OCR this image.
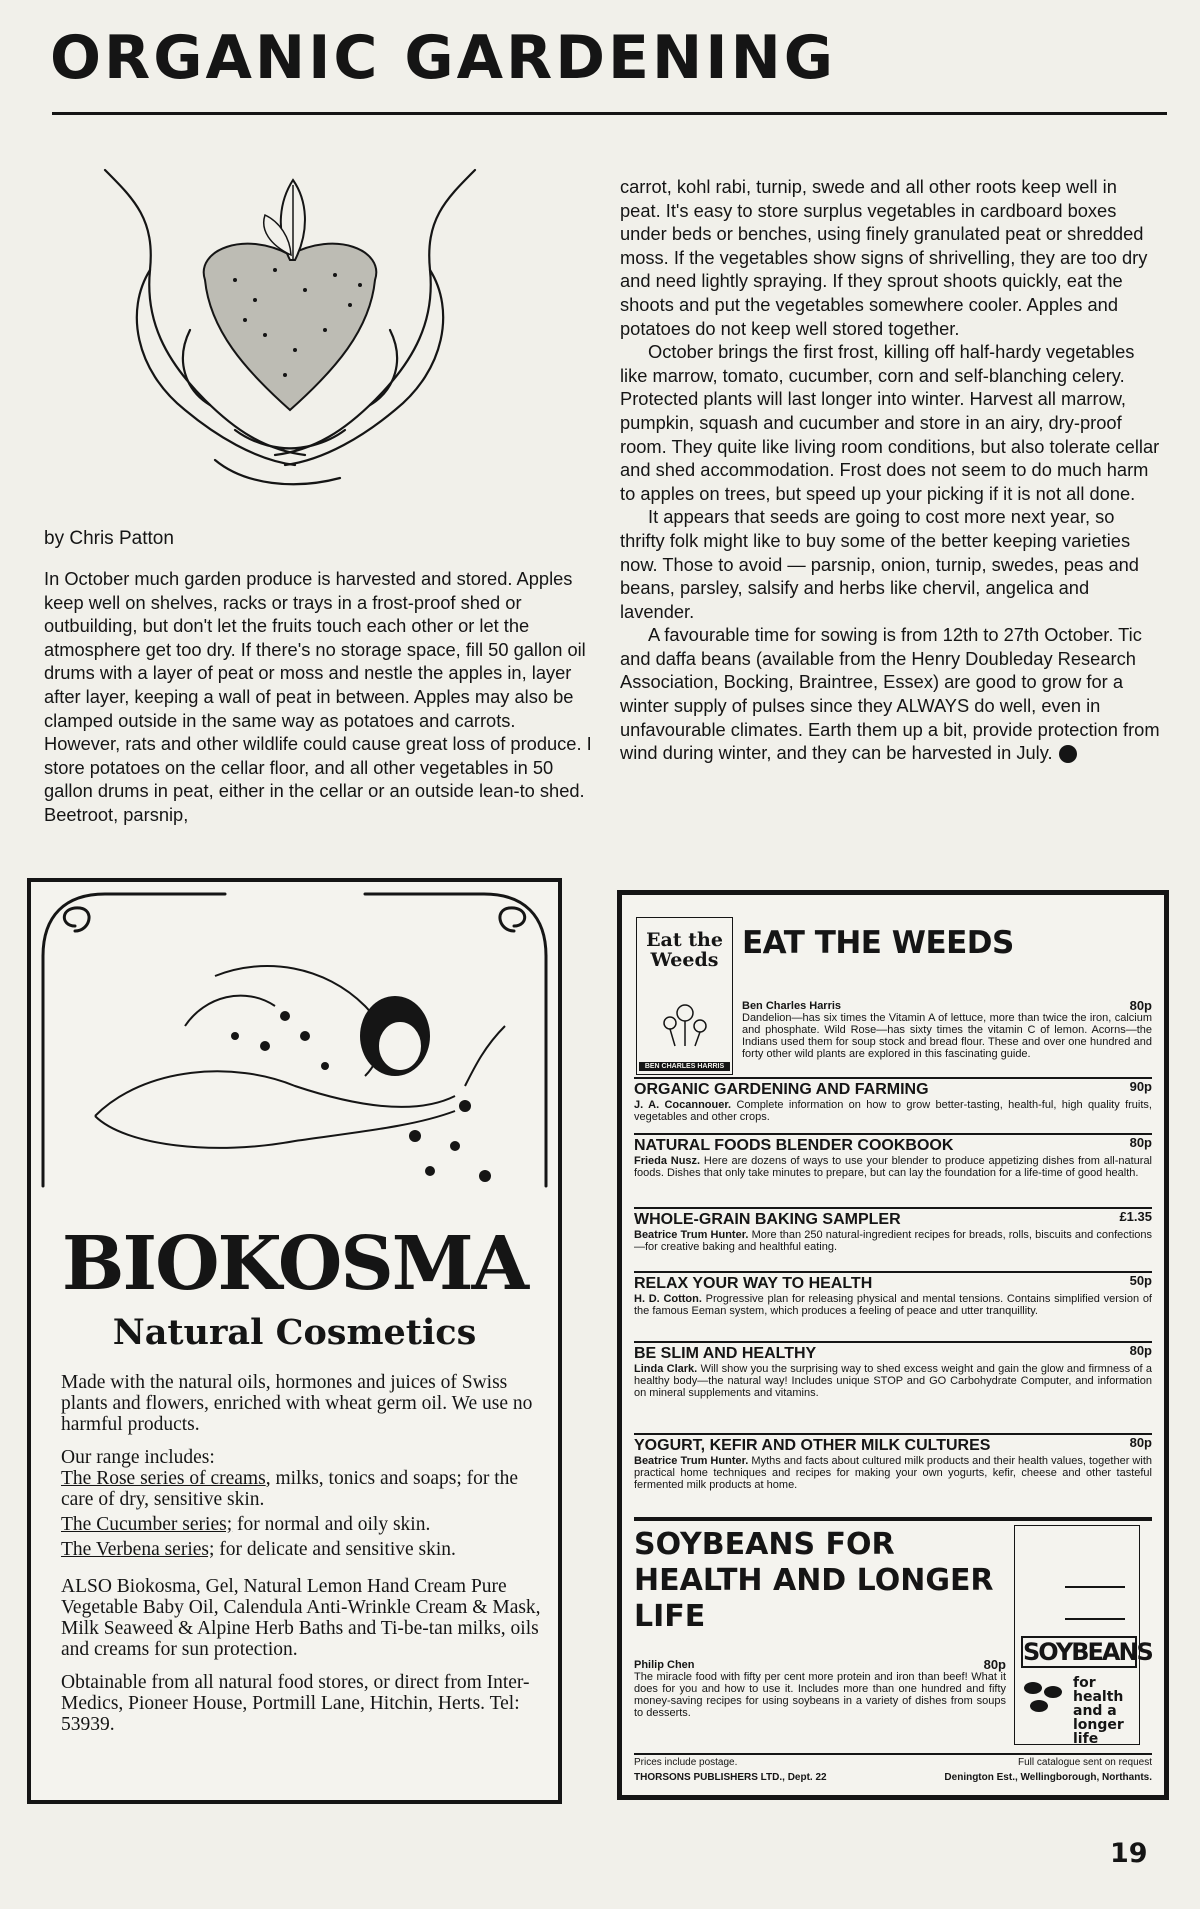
ORGANIC GARDENING
by Chris Patton

In October much garden produce is harvested and stored. Apples keep well on shelves, racks or trays in a frost-proof shed or outbuilding, but don't let the fruits touch each other or let the atmosphere get too dry. If there's no storage space, fill 50 gallon oil drums with a layer of peat or moss and nestle the apples in, layer after layer, keeping a wall of peat in between. Apples may also be clamped outside in the same way as potatoes and carrots. However, rats and other wildlife could cause great loss of produce. I store potatoes on the cellar floor, and all other vegetables in 50 gallon drums in peat, either in the cellar or an outside lean-to shed. Beetroot, parsnip,

carrot, kohl rabi, turnip, swede and all other roots keep well in peat. It's easy to store surplus vegetables in cardboard boxes under beds or benches, using finely granulated peat or shredded moss. If the vegetables show signs of shrivelling, they are too dry and need lightly spraying. If they sprout shoots quickly, eat the shoots and put the vegetables somewhere cooler. Apples and potatoes do not keep well stored together.

October brings the first frost, killing off half-hardy vegetables like marrow, tomato, cucumber, corn and self-blanching celery. Protected plants will last longer into winter. Harvest all marrow, pumpkin, squash and cucumber and store in an airy, dry-proof room. They quite like living room conditions, but also tolerate cellar and shed accommodation. Frost does not seem to do much harm to apples on trees, but speed up your picking if it is not all done.

It appears that seeds are going to cost more next year, so thrifty folk might like to buy some of the better keeping varieties now. Those to avoid — parsnip, onion, turnip, swedes, peas and beans, parsley, salsify and herbs like chervil, angelica and lavender.

A favourable time for sowing is from 12th to 27th October. Tic and daffa beans (available from the Henry Doubleday Research Association, Bocking, Braintree, Essex) are good to grow for a winter supply of pulses since they ALWAYS do well, even in unfavourable climates. Earth them up a bit, provide protection from wind during winter, and they can be harvested in July.	●

BIOKOSMA
Natural Cosmetics

Made with the natural oils, hormones and juices of Swiss plants and flowers, enriched with wheat germ oil. We use no harmful products.

Our range includes:

The Rose series of creams, milks, tonics and soaps; for the care of dry, sensitive skin.

The Cucumber series; for normal and oily skin.

The Verbena series; for delicate and sensitive skin.

ALSO Biokosma, Gel, Natural Lemon Hand Cream Pure Vegetable Baby Oil, Calendula Anti-Wrinkle Cream & Mask, Milk Seaweed & Alpine Herb Baths and Ti-be-tan milks, oils and creams for sun protection.

Obtainable from all natural food stores, or direct from Inter-Medics, Pioneer House, Portmill Lane, Hitchin, Herts. Tel: 53939.

Eat the Weeds
BEN CHARLES HARRIS
EAT THE WEEDS
Ben Charles Harris	80p
Dandelion—has six times the Vitamin A of lettuce, more than twice the iron, calcium and phosphate. Wild Rose—has sixty times the vitamin C of lemon. Acorns—the Indians used them for soup stock and bread flour. These and over one hundred and forty other wild plants are explored in this fascinating guide.
ORGANIC GARDENING AND FARMING	90p
J. A. Cocannouer. Complete information on how to grow better-tasting, health-ful, high quality fruits, vegetables and other crops.
NATURAL FOODS BLENDER COOKBOOK	80p
Frieda Nusz. Here are dozens of ways to use your blender to produce appetizing dishes from all-natural foods. Dishes that only take minutes to prepare, but can lay the foundation for a life-time of good health.
WHOLE-GRAIN BAKING SAMPLER	£1.35
Beatrice Trum Hunter. More than 250 natural-ingredient recipes for breads, rolls, biscuits and confections—for creative baking and healthful eating.
RELAX YOUR WAY TO HEALTH	50p
H. D. Cotton. Progressive plan for releasing physical and mental tensions. Contains simplified version of the famous Eeman system, which produces a feeling of peace and utter tranquillity.
BE SLIM AND HEALTHY	80p
Linda Clark. Will show you the surprising way to shed excess weight and gain the glow and firmness of a healthy body—the natural way! Includes unique STOP and GO Carbohydrate Computer, and information on mineral supplements and vitamins.
YOGURT, KEFIR AND OTHER MILK CULTURES	80p
Beatrice Trum Hunter. Myths and facts about cultured milk products and their health values, together with practical home techniques and recipes for making your own yogurts, kefir, cheese and other tasteful fermented milk products at home.
SOYBEANS FOR HEALTH AND LONGER LIFE
SOYBEANS
for health and a longer life
Philip Chen	80p
The miracle food with fifty per cent more protein and iron than beef! What it does for you and how to use it. Includes more than one hundred and fifty money-saving recipes for using soybeans in a variety of dishes from soups to desserts.
Prices include postage.	Full catalogue sent on request
THORSONS PUBLISHERS LTD., Dept. 22	Denington Est., Wellingborough, Northants.
19
